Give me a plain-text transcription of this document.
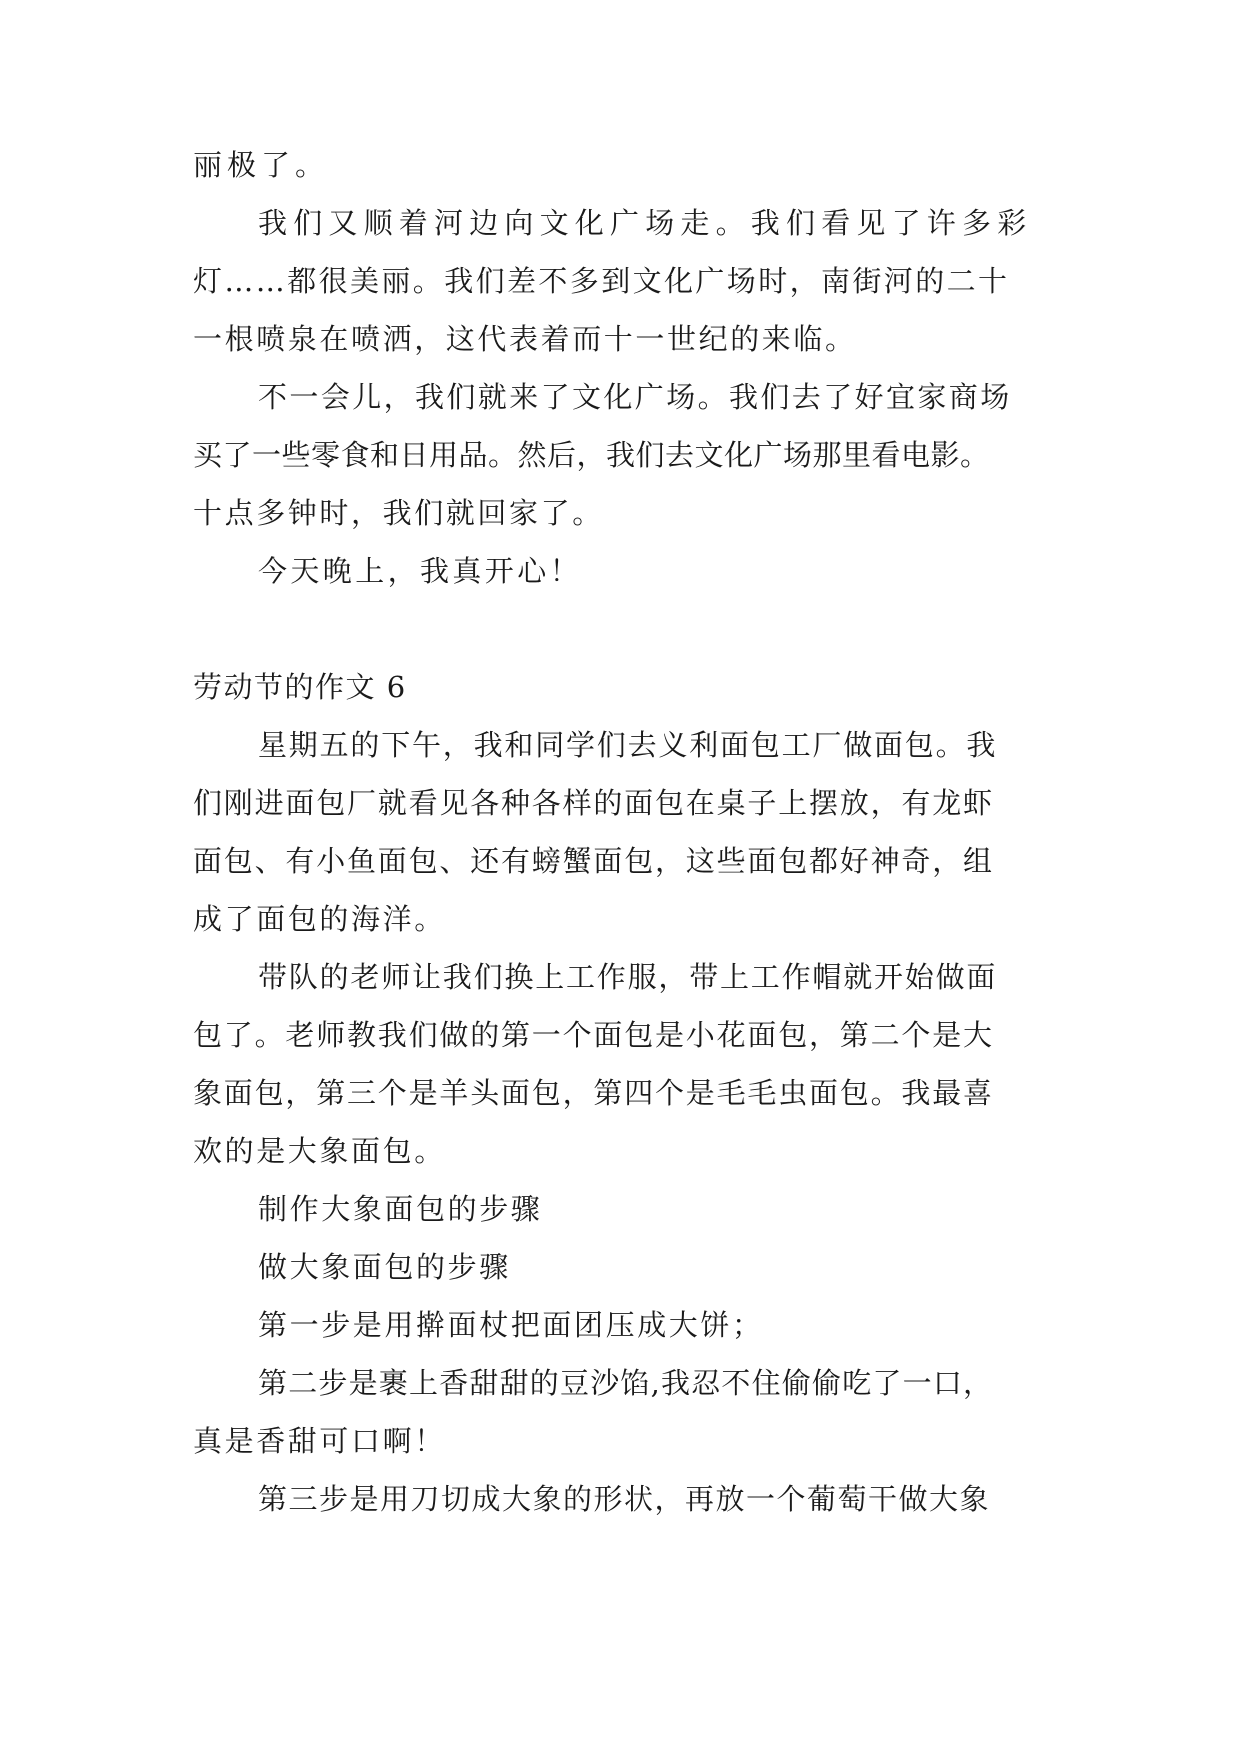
丽极了。
我们又顺着河边向文化广场走。我们看见了许多彩
灯……都很美丽。我们差不多到文化广场时，南街河的二十
一根喷泉在喷洒，这代表着而十一世纪的来临。
不一会儿，我们就来了文化广场。我们去了好宜家商场
买了一些零食和日用品。然后，我们去文化广场那里看电影。
十点多钟时，我们就回家了。
今天晚上，我真开心！
劳动节的作文 6
星期五的下午，我和同学们去义利面包工厂做面包。我
们刚进面包厂就看见各种各样的面包在桌子上摆放，有龙虾
面包、有小鱼面包、还有螃蟹面包，这些面包都好神奇，组
成了面包的海洋。
带队的老师让我们换上工作服，带上工作帽就开始做面
包了。老师教我们做的第一个面包是小花面包，第二个是大
象面包，第三个是羊头面包，第四个是毛毛虫面包。我最喜
欢的是大象面包。
制作大象面包的步骤
做大象面包的步骤
第一步是用擀面杖把面团压成大饼；
第二步是裹上香甜甜的豆沙馅,我忍不住偷偷吃了一口，
真是香甜可口啊！
第三步是用刀切成大象的形状，再放一个葡萄干做大象
